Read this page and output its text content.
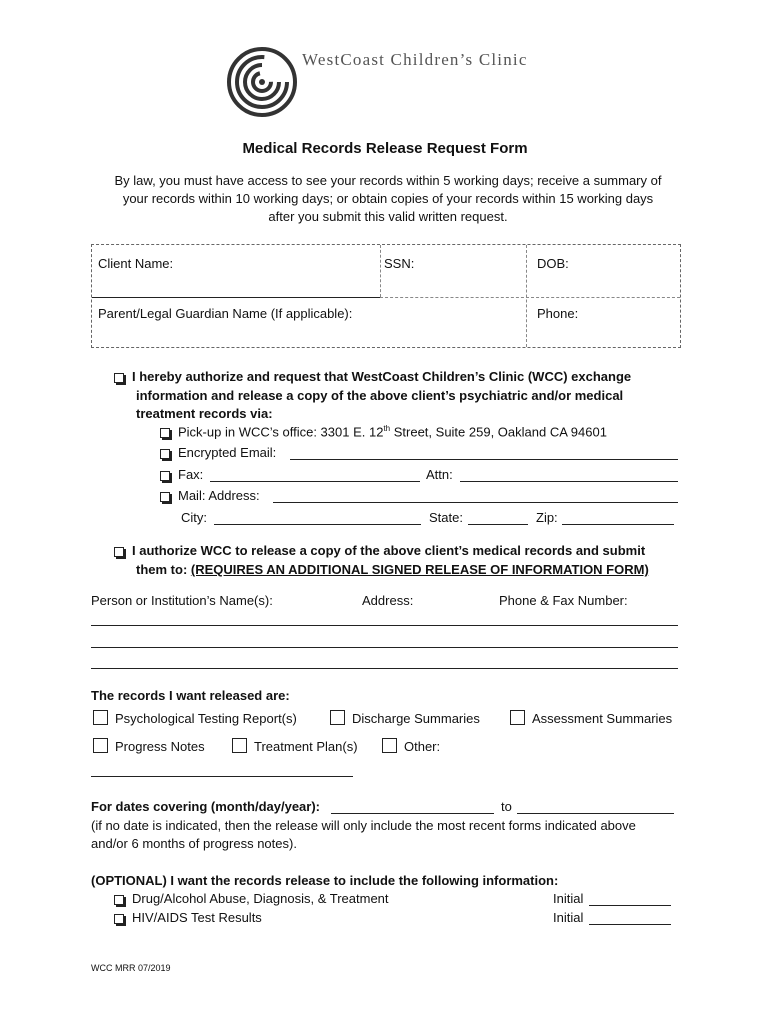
WestCoast Children’s Clinic
Medical Records Release Request Form
By law, you must have access to see your records within 5 working days; receive a summary of
your records within 10 working days; or obtain copies of your records within 15 working days
after you submit this valid written request.
Client Name:	SSN:	DOB:
Parent/Legal Guardian Name (If applicable):	Phone:
I hereby authorize and request that WestCoast Children’s Clinic (WCC) exchange
information and release a copy of the above client’s psychiatric and/or medical
treatment records via:
Pick-up in WCC’s office: 3301 E. 12th Street, Suite 259, Oakland CA 94601
Encrypted Email:
Fax:	Attn:
Mail: Address:
City:	State:	Zip:
I authorize WCC to release a copy of the above client’s medical records and submit
them to: (REQUIRES AN ADDITIONAL SIGNED RELEASE OF INFORMATION FORM)
Person or Institution’s Name(s):	Address:	Phone & Fax Number:
The records I want released are:
Psychological Testing Report(s)	Discharge Summaries	Assessment Summaries
Progress Notes	Treatment Plan(s)	Other:
For dates covering (month/day/year):	to
(if no date is indicated, then the release will only include the most recent forms indicated above
and/or 6 months of progress notes).
(OPTIONAL) I want the records release to include the following information:
Drug/Alcohol Abuse, Diagnosis, & Treatment	Initial
HIV/AIDS Test Results	Initial
WCC MRR 07/2019
